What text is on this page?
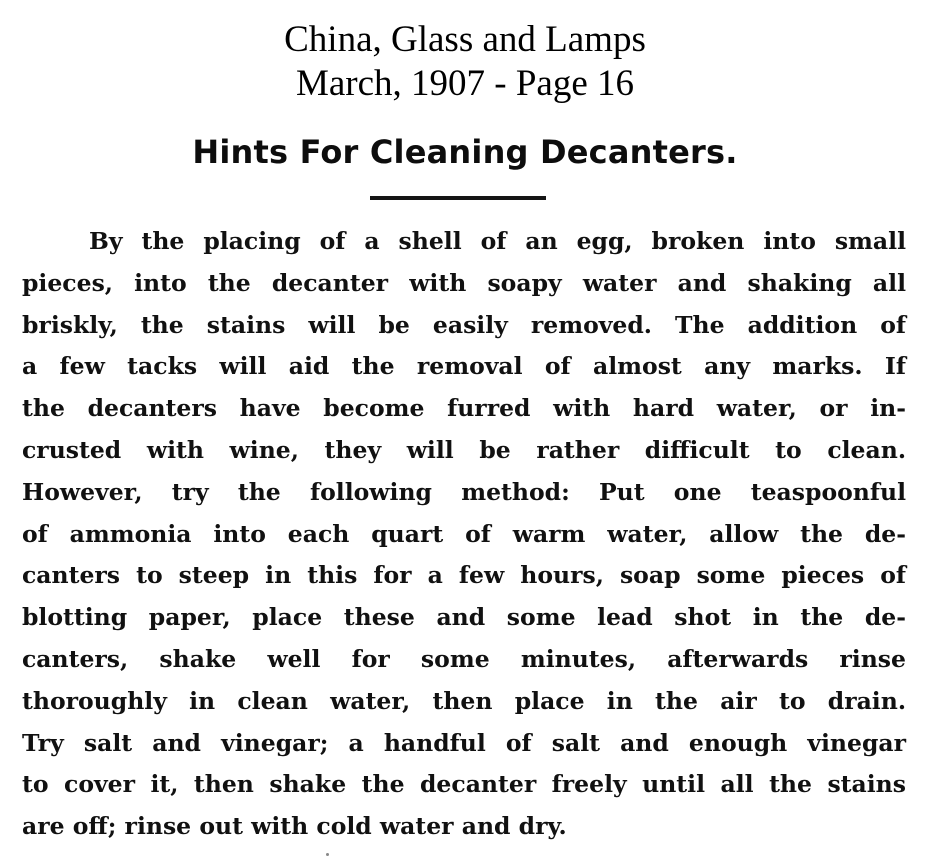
China, Glass and Lamps
March, 1907 - Page 16
Hints For Cleaning Decanters.
By the placing of a shell of an egg, broken into small
pieces, into the decanter with soapy water and shaking all
briskly, the stains will be easily removed. The addition of
a few tacks will aid the removal of almost any marks. If
the decanters have become furred with hard water, or in-
crusted with wine, they will be rather difficult to clean.
However, try the following method: Put one teaspoonful
of ammonia into each quart of warm water, allow the de-
canters to steep in this for a few hours, soap some pieces of
blotting paper, place these and some lead shot in the de-
canters, shake well for some minutes, afterwards rinse
thoroughly in clean water, then place in the air to drain.
Try salt and vinegar; a handful of salt and enough vinegar
to cover it, then shake the decanter freely until all the stains
are off; rinse out with cold water and dry.
